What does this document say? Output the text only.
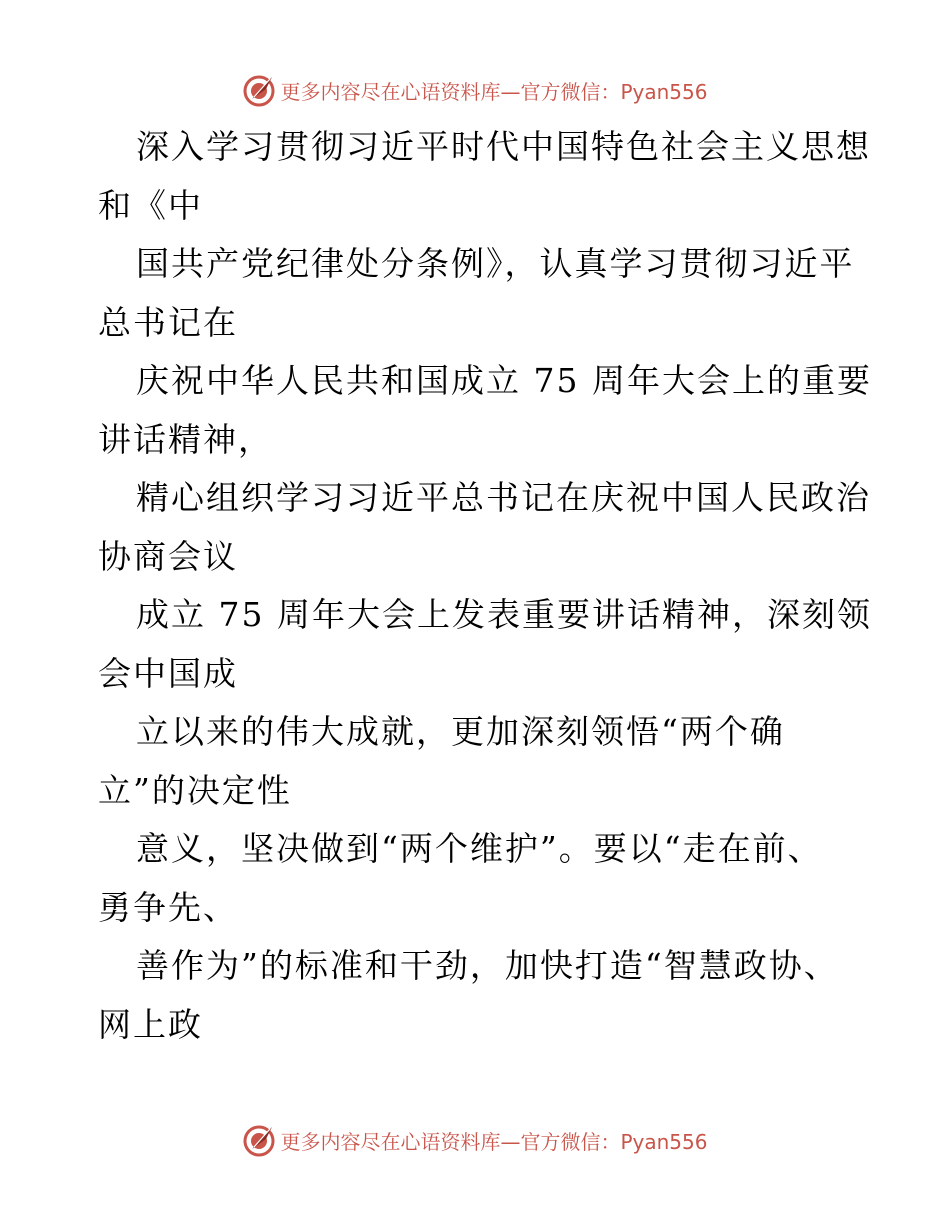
更多内容尽在心语资料库—官方微信：Pyan556
深入学习贯彻习近平时代中国特色社会主义思想
和《中
国共产党纪律处分条例》，认真学习贯彻习近平
总书记在
庆祝中华人民共和国成立 75 周年大会上的重要
讲话精神，
精心组织学习习近平总书记在庆祝中国人民政治
协商会议
成立 75 周年大会上发表重要讲话精神，深刻领
会中国成
立以来的伟大成就，更加深刻领悟“两个确
立”的决定性
意义，坚决做到“两个维护”。要以“走在前、
勇争先、
善作为”的标准和干劲，加快打造“智慧政协、
网上政
更多内容尽在心语资料库—官方微信：Pyan556
